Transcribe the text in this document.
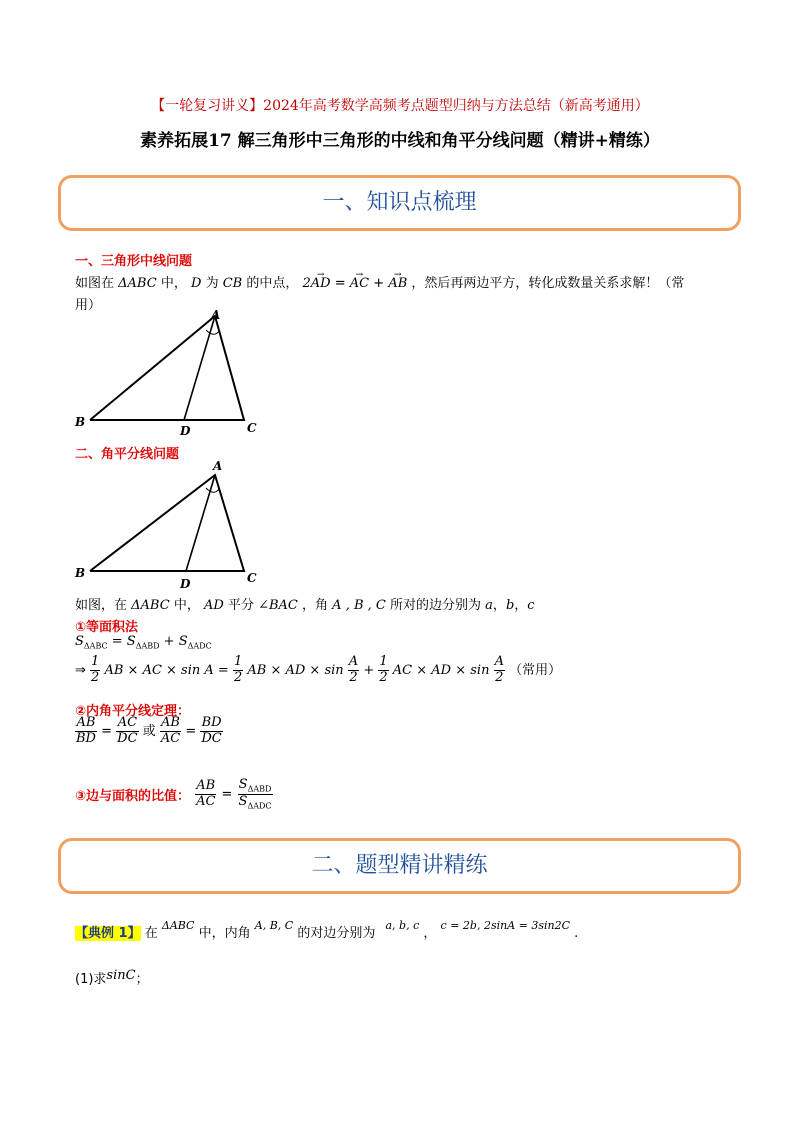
【一轮复习讲义】2024年高考数学高频考点题型归纳与方法总结（新高考通用）
素养拓展17 解三角形中三角形的中线和角平分线问题（精讲+精练）
一、知识点梳理
一、三角形中线问题
如图在 ΔABC 中， D 为 CB 的中点， 2→ AD = → AC + → AB ，然后再两边平方，转化成数量关系求解！（常
用）
A
B	C
D
二、角平分线问题
A
B	C
D
如图，在 ΔABC 中， AD 平分 ∠BAC ，角 A , B , C 所对的边分别为 a，b，c
①等面积法
$S_{\Delta ABC} = S_{\Delta ABD} + S_{\Delta ADC}$
⇒ $\frac{1}{2}$ AB × AC × $\sin A = \frac{1}{2}$ AB × AD × $\sin \frac{A}{2} + \frac{1}{2}$ AC × AD × $\sin \frac{A}{2}$ （常用）
②内角平分线定理：
$\frac{AB}{BD} = \frac{AC}{DC}$ 或 $\frac{AB}{AC} = \frac{BD}{DC}$
③边与面积的比值： $\frac{AB}{AC} = \frac{S_{\Delta ABD}}{S_{\Delta ADC}}$
二、题型精讲精练
【典例 1】 在 $^{\Delta ABC}$ 中，内角 $^{A, B, C}$ 的对边分别为 $^{a, b, c}$ ， $^{c = 2b, 2sinA = 3sin2C}$ .
(1)求sinC；
